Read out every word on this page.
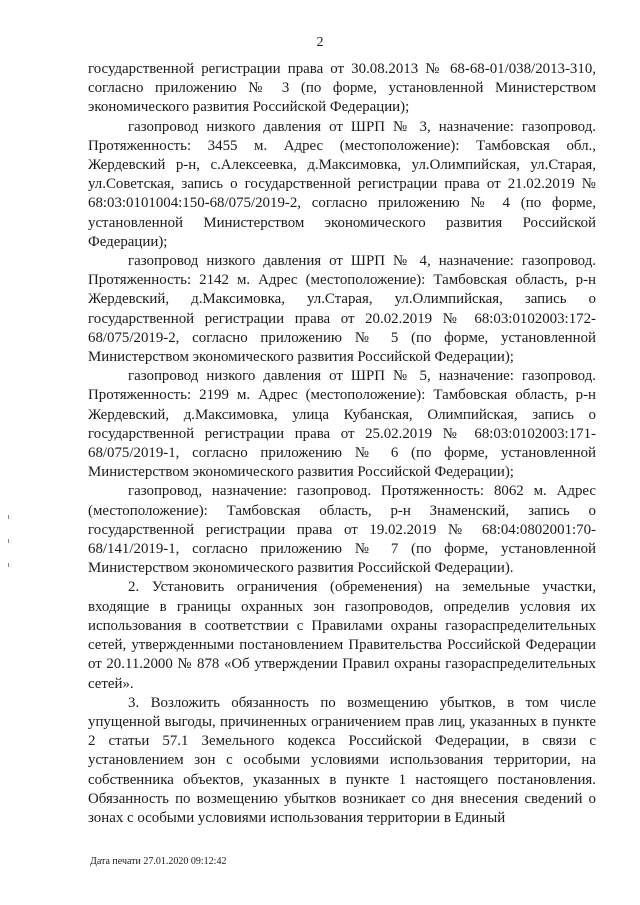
2

государственной регистрации права от 30.08.2013 № 68-68-01/038/2013-310, согласно приложению № 3 (по форме, установленной Министерством экономического развития Российской Федерации);

газопровод низкого давления от ШРП № 3, назначение: газопровод. Протяженность: 3455 м. Адрес (местоположение): Тамбовская обл., Жердевский р-н, с.Алексеевка, д.Максимовка, ул.Олимпийская, ул.Старая, ул.Советская, запись о государственной регистрации права от 21.02.2019 № 68:03:0101004:150-68/075/2019-2, согласно приложению № 4 (по форме, установленной Министерством экономического развития Российской Федерации);

газопровод низкого давления от ШРП № 4, назначение: газопровод. Протяженность: 2142 м. Адрес (местоположение): Тамбовская область, р-н Жердевский, д.Максимовка, ул.Старая, ул.Олимпийская, запись о государственной регистрации права от 20.02.2019 № 68:03:0102003:172-68/075/2019-2, согласно приложению № 5 (по форме, установленной Министерством экономического развития Российской Федерации);

газопровод низкого давления от ШРП № 5, назначение: газопровод. Протяженность: 2199 м. Адрес (местоположение): Тамбовская область, р-н Жердевский, д.Максимовка, улица Кубанская, Олимпийская, запись о государственной регистрации права от 25.02.2019 № 68:03:0102003:171-68/075/2019-1, согласно приложению № 6 (по форме, установленной Министерством экономического развития Российской Федерации);

газопровод, назначение: газопровод. Протяженность: 8062 м. Адрес (местоположение): Тамбовская область, р-н Знаменский, запись о государственной регистрации права от 19.02.2019 № 68:04:0802001:70-68/141/2019-1, согласно приложению № 7 (по форме, установленной Министерством экономического развития Российской Федерации).

2. Установить ограничения (обременения) на земельные участки, входящие в границы охранных зон газопроводов, определив условия их использования в соответствии с Правилами охраны газораспределительных сетей, утвержденными постановлением Правительства Российской Федерации от 20.11.2000 № 878 «Об утверждении Правил охраны газораспределительных сетей».

3. Возложить обязанность по возмещению убытков, в том числе упущенной выгоды, причиненных ограничением прав лиц, указанных в пункте 2 статьи 57.1 Земельного кодекса Российской Федерации, в связи с установлением зон с особыми условиями использования территории, на собственника объектов, указанных в пункте 1 настоящего постановления. Обязанность по возмещению убытков возникает со дня внесения сведений о зонах с особыми условиями использования территории в Единый

Дата печати 27.01.2020 09:12:42
